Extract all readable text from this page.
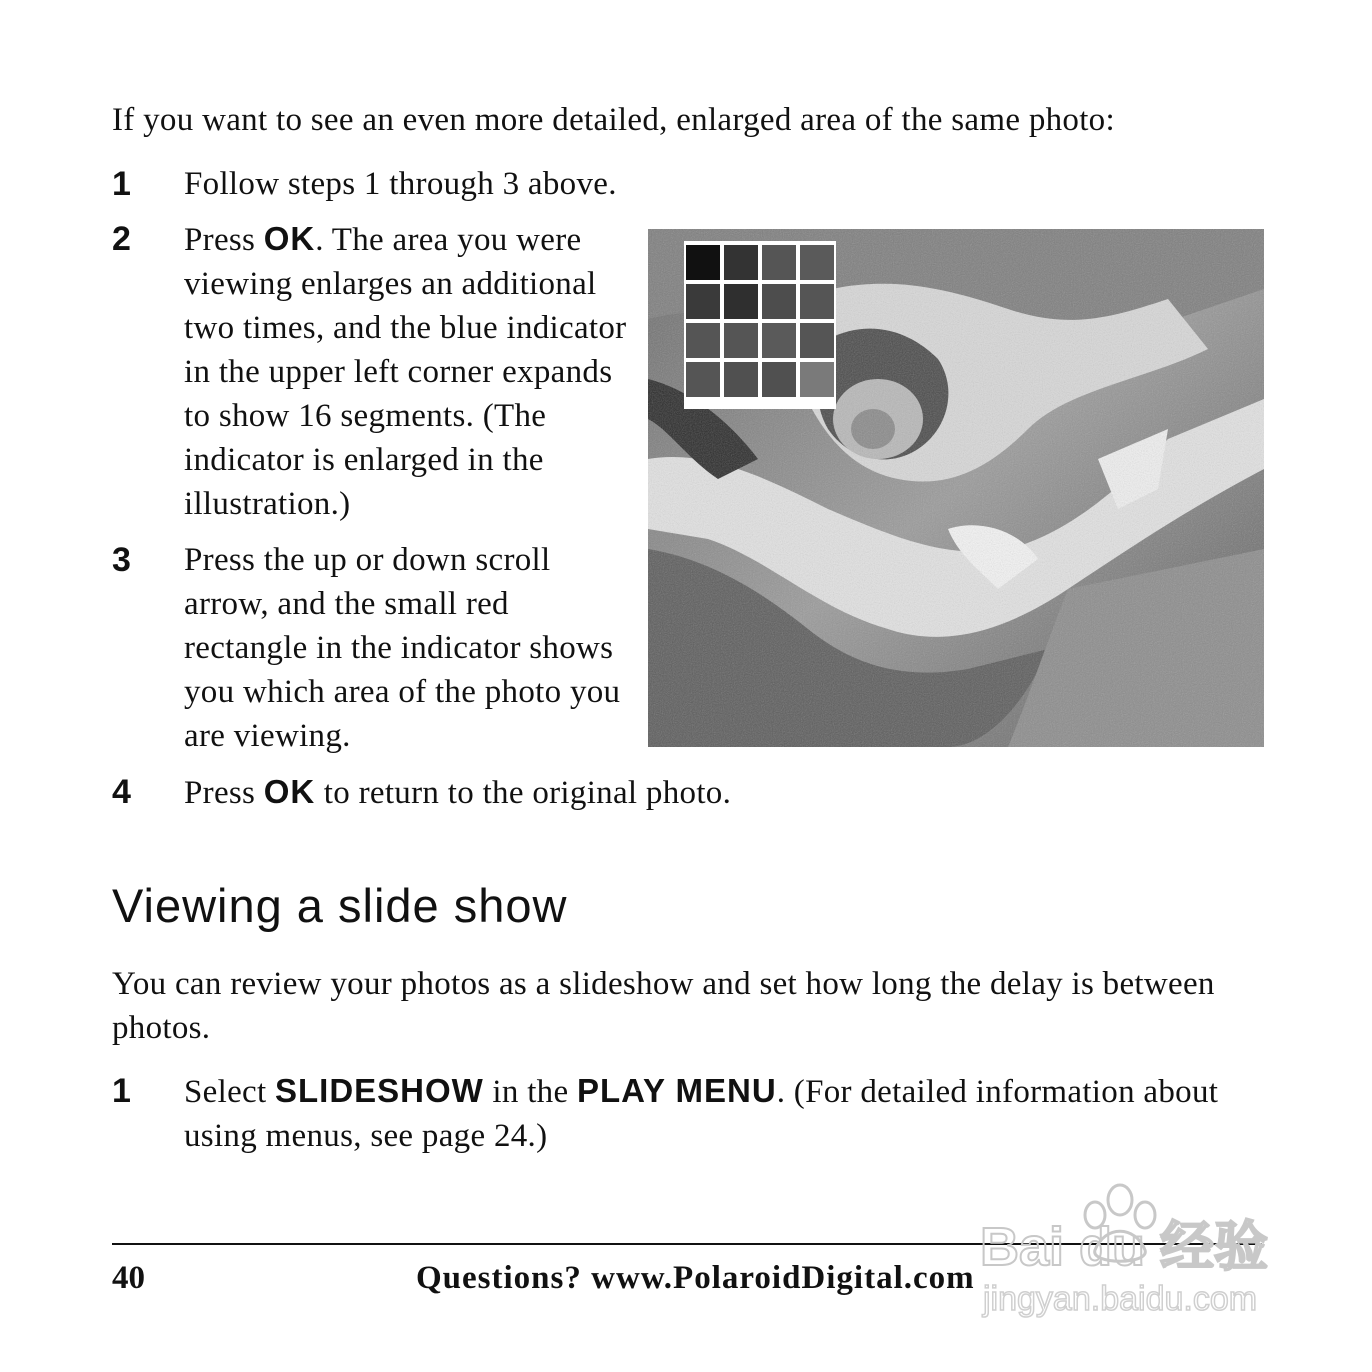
If you want to see an even more detailed, enlarged area of the same photo:
1 Follow steps 1 through 3 above.
2 Press OK. The area you were viewing enlarges an additional two times, and the blue indicator in the upper left corner expands to show 16 segments. (The indicator is enlarged in the illustration.)
3 Press the up or down scroll arrow, and the small red rectangle in the indicator shows you which area of the photo you are viewing.
4 Press OK to return to the original photo.
Viewing a slide show
You can review your photos as a slideshow and set how long the delay is between photos.
1 Select SLIDESHOW in the PLAY MENU. (For detailed information about using menus, see page 24.)
40	Questions? www.PolaroidDigital.com
Bai du 经验
jingyan.baidu.com
